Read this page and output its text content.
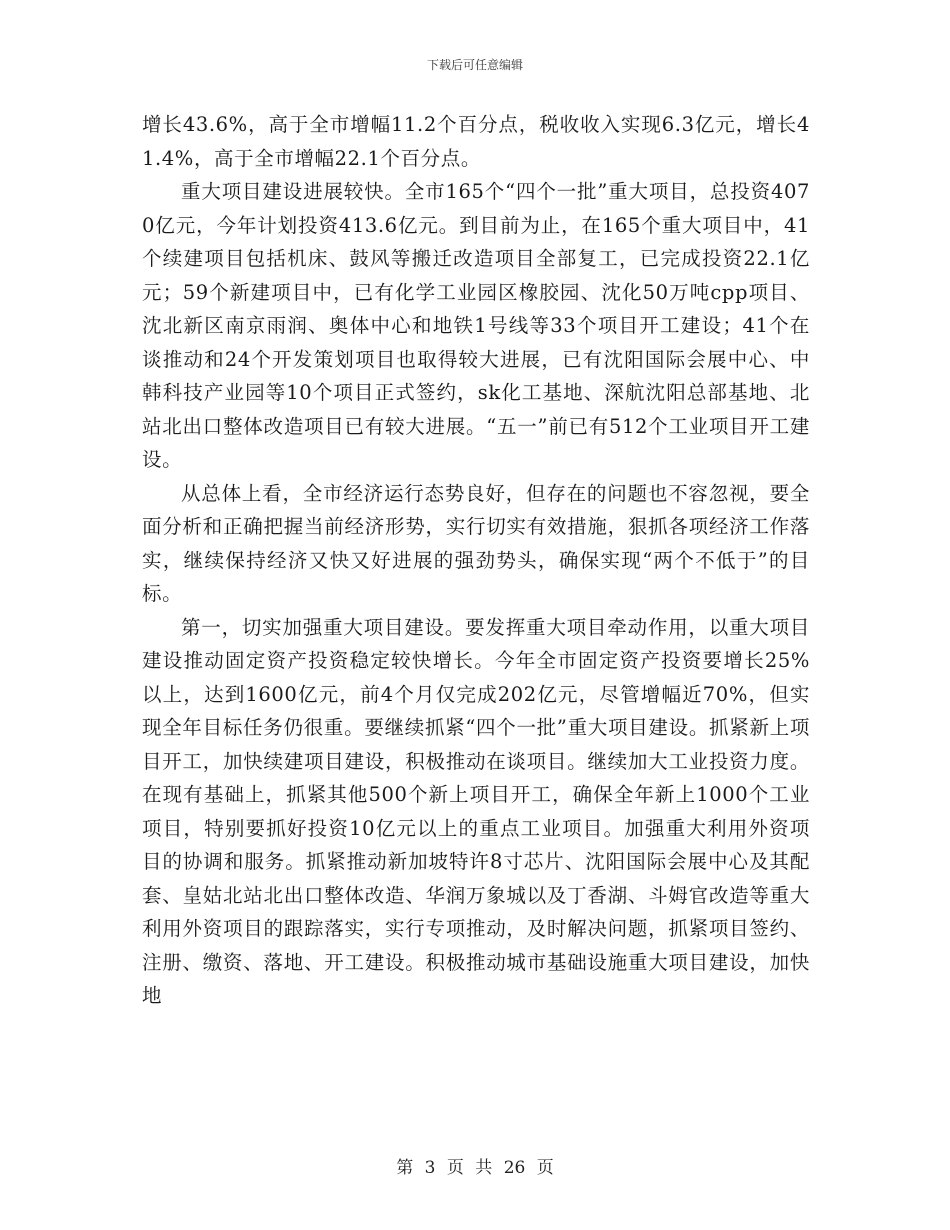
下载后可任意编辑

增长43.6%，高于全市增幅11.2个百分点，税收收入实现6.3亿元，增长41.4%，高于全市增幅22.1个百分点。

重大项目建设进展较快。全市165个“四个一批”重大项目，总投资4070亿元，今年计划投资413.6亿元。到目前为止，在165个重大项目中，41个续建项目包括机床、鼓风等搬迁改造项目全部复工，已完成投资22.1亿元；59个新建项目中，已有化学工业园区橡胶园、沈化50万吨cpp项目、沈北新区南京雨润、奥体中心和地铁1号线等33个项目开工建设；41个在谈推动和24个开发策划项目也取得较大进展，已有沈阳国际会展中心、中韩科技产业园等10个项目正式签约，sk化工基地、深航沈阳总部基地、北站北出口整体改造项目已有较大进展。“五一”前已有512个工业项目开工建设。

从总体上看，全市经济运行态势良好，但存在的问题也不容忽视，要全面分析和正确把握当前经济形势，实行切实有效措施，狠抓各项经济工作落实，继续保持经济又快又好进展的强劲势头，确保实现“两个不低于”的目标。

第一，切实加强重大项目建设。要发挥重大项目牵动作用，以重大项目建设推动固定资产投资稳定较快增长。今年全市固定资产投资要增长25%以上，达到1600亿元，前4个月仅完成202亿元，尽管增幅近70%，但实现全年目标任务仍很重。要继续抓紧“四个一批”重大项目建设。抓紧新上项目开工，加快续建项目建设，积极推动在谈项目。继续加大工业投资力度。在现有基础上，抓紧其他500个新上项目开工，确保全年新上1000个工业项目，特别要抓好投资10亿元以上的重点工业项目。加强重大利用外资项目的协调和服务。抓紧推动新加坡特许8寸芯片、沈阳国际会展中心及其配套、皇姑北站北出口整体改造、华润万象城以及丁香湖、斗姆官改造等重大利用外资项目的跟踪落实，实行专项推动，及时解决问题，抓紧项目签约、注册、缴资、落地、开工建设。积极推动城市基础设施重大项目建设，加快地

第 3 页 共 26 页
